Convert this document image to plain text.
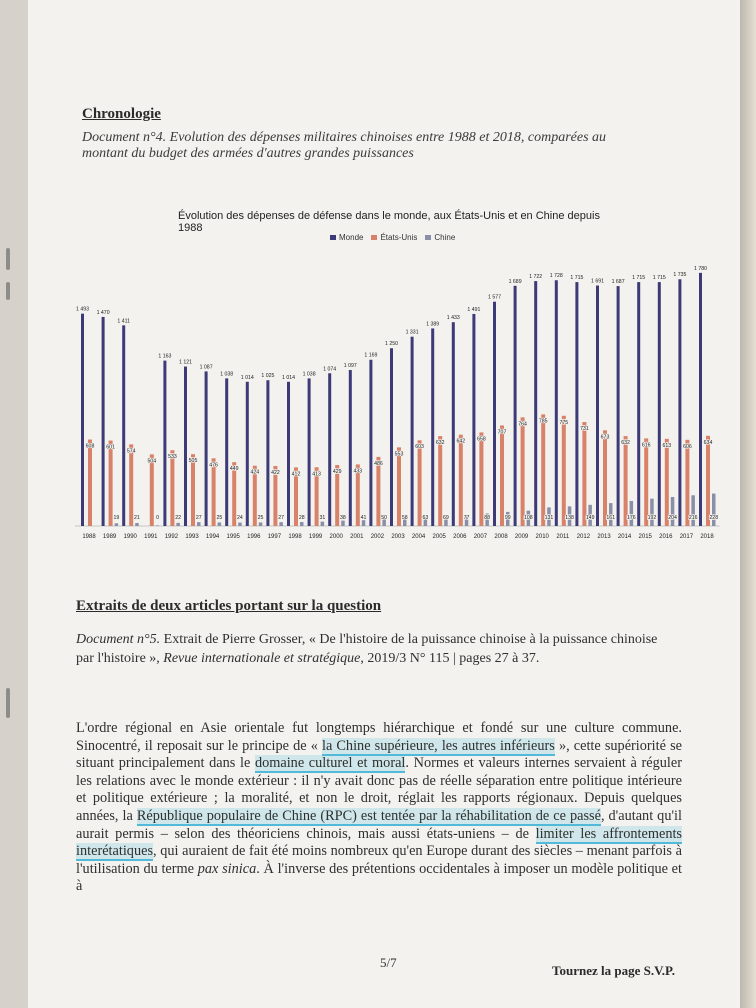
Chronologie
Document n°4. Evolution des dépenses militaires chinoises entre 1988 et 2018, comparées au montant du budget des armées d'autres grandes puissances
Évolution des dépenses de défense dans le monde, aux États-Unis et en Chine depuis 1988
Monde États-Unis Chine
1 493
608
1988
1 470
601
19
1989
1 411
574
21
1990
504
0
1991
1 163
533
22
1992
1 121
505
27
1993
1 087
476
25
1994
1 038
449
24
1995
1 014
424
25
1996
1 025
422
27
1997
1 014
412
28
1998
1 038
413
31
1999
1 074
429
38
2000
1 097
433
41
2001
1 169
486
50
2002
1 250
553
58
2003
1 331
603
63
2004
1 389
632
69
2005
1 433
642
77
2006
1 491
658
88
2007
1 577
707
99
2008
1 689
764
108
2009
1 722
785
131
2010
1 728
775
138
2011
1 715
731
149
2012
1 691
673
161
2013
1 687
632
176
2014
1 715
616
192
2015
1 715
613
204
2016
1 735
606
216
2017
1 780
634
228
2018
Extraits de deux articles portant sur la question
Document n°5. Extrait de Pierre Grosser, « De l'histoire de la puissance chinoise à la puissance chinoise par l'histoire », Revue internationale et stratégique, 2019/3 N° 115 | pages 27 à 37.
L'ordre régional en Asie orientale fut longtemps hiérarchique et fondé sur une culture commune. Sinocentré, il reposait sur le principe de « la Chine supérieure, les autres inférieurs », cette supériorité se situant principalement dans le domaine culturel et moral. Normes et valeurs internes servaient à réguler les relations avec le monde extérieur : il n'y avait donc pas de réelle séparation entre politique intérieure et politique extérieure ; la moralité, et non le droit, réglait les rapports régionaux. Depuis quelques années, la République populaire de Chine (RPC) est tentée par la réhabilitation de ce passé, d'autant qu'il aurait permis – selon des théoriciens chinois, mais aussi états-uniens – de limiter les affrontements interétatiques, qui auraient de fait été moins nombreux qu'en Europe durant des siècles – menant parfois à l'utilisation du terme pax sinica. À l'inverse des prétentions occidentales à imposer un modèle politique et à
5/7
Tournez la page S.V.P.
